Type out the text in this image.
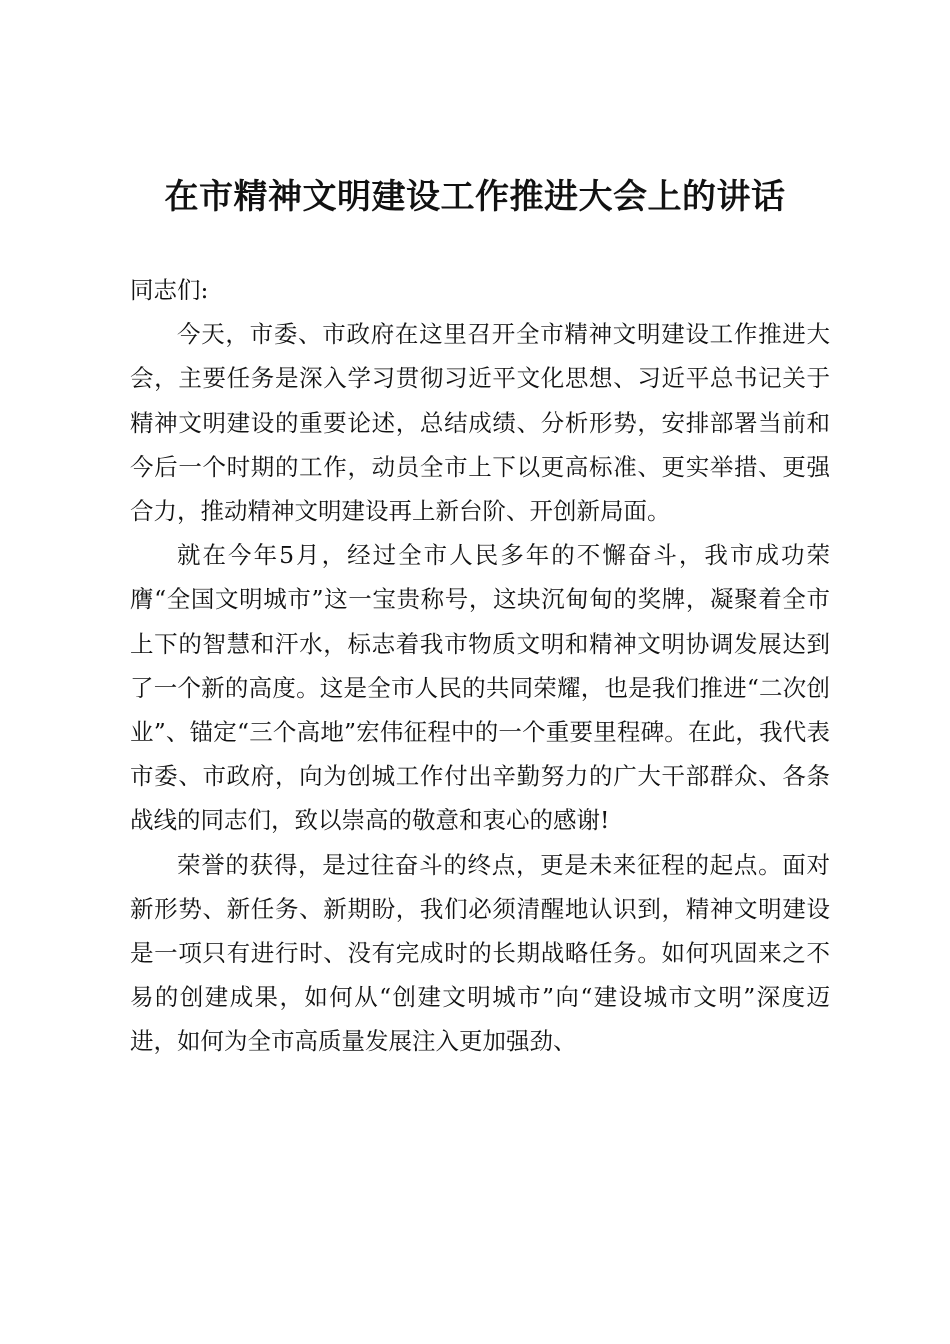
在市精神文明建设工作推进大会上的讲话

同志们:

今天，市委、市政府在这里召开全市精神文明建设工作推进大会，主要任务是深入学习贯彻习近平文化思想、习近平总书记关于精神文明建设的重要论述，总结成绩、分析形势，安排部署当前和今后一个时期的工作，动员全市上下以更高标准、更实举措、更强合力，推动精神文明建设再上新台阶、开创新局面。

就在今年5月，经过全市人民多年的不懈奋斗，我市成功荣膺“全国文明城市”这一宝贵称号，这块沉甸甸的奖牌，凝聚着全市上下的智慧和汗水，标志着我市物质文明和精神文明协调发展达到了一个新的高度。这是全市人民的共同荣耀，也是我们推进“二次创业”、锚定“三个高地”宏伟征程中的一个重要里程碑。在此，我代表市委、市政府，向为创城工作付出辛勤努力的广大干部群众、各条战线的同志们，致以崇高的敬意和衷心的感谢!

荣誉的获得，是过往奋斗的终点，更是未来征程的起点。面对新形势、新任务、新期盼，我们必须清醒地认识到，精神文明建设是一项只有进行时、没有完成时的长期战略任务。如何巩固来之不易的创建成果，如何从“创建文明城市”向“建设城市文明”深度迈进，如何为全市高质量发展注入更加强劲、
